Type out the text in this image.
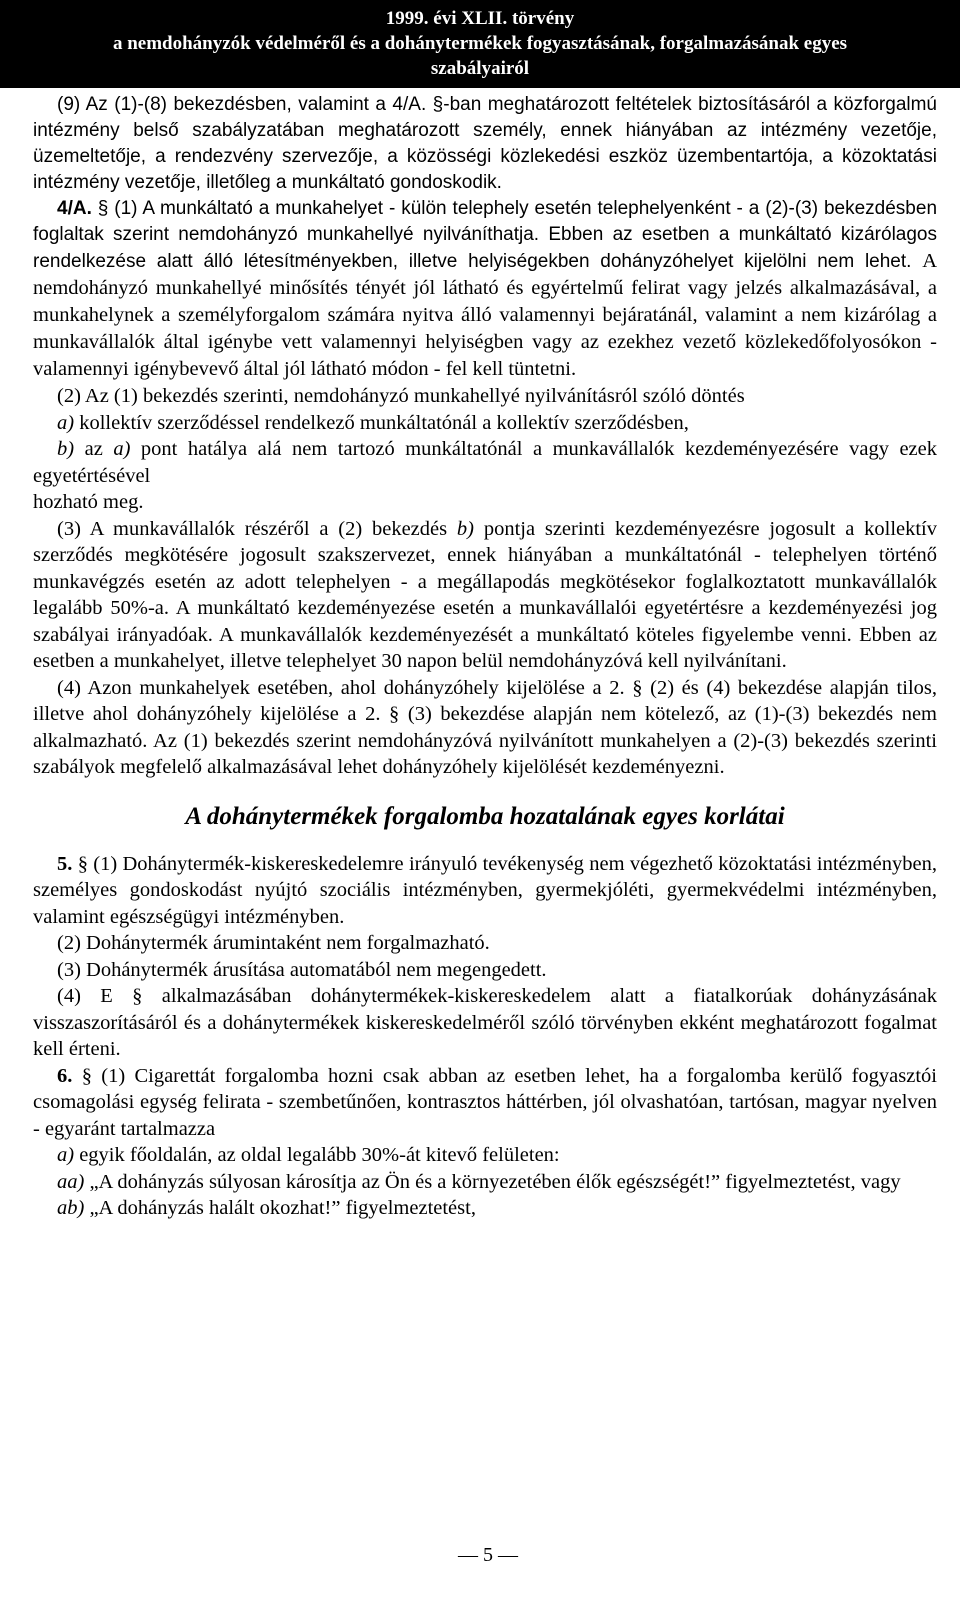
1999. évi XLII. törvény
a nemdohányzók védelméről és a dohánytermékek fogyasztásának, forgalmazásának egyes
szabályairól

(9) Az (1)-(8) bekezdésben, valamint a 4/A. §-ban meghatározott feltételek biztosításáról a közforgalmú intézmény belső szabályzatában meghatározott személy, ennek hiányában az intézmény vezetője, üzemeltetője, a rendezvény szervezője, a közösségi közlekedési eszköz üzembentartója, a közoktatási intézmény vezetője, illetőleg a munkáltató gondoskodik.

4/A. § (1) A munkáltató a munkahelyet - külön telephely esetén telephelyenként - a (2)-(3) bekezdésben foglaltak szerint nemdohányzó munkahellyé nyilváníthatja. Ebben az esetben a munkáltató kizárólagos rendelkezése alatt álló létesítményekben, illetve helyiségekben dohányzóhelyet kijelölni nem lehet. A nemdohányzó munkahellyé minősítés tényét jól látható és egyértelmű felirat vagy jelzés alkalmazásával, a munkahelynek a személyforgalom számára nyitva álló valamennyi bejáratánál, valamint a nem kizárólag a munkavállalók által igénybe vett valamennyi helyiségben vagy az ezekhez vezető közlekedőfolyosókon - valamennyi igénybevevő által jól látható módon - fel kell tüntetni.

(2) Az (1) bekezdés szerinti, nemdohányzó munkahellyé nyilvánításról szóló döntés

a) kollektív szerződéssel rendelkező munkáltatónál a kollektív szerződésben,

b) az a) pont hatálya alá nem tartozó munkáltatónál a munkavállalók kezdeményezésére vagy ezek egyetértésével

hozható meg.

(3) A munkavállalók részéről a (2) bekezdés b) pontja szerinti kezdeményezésre jogosult a kollektív szerződés megkötésére jogosult szakszervezet, ennek hiányában a munkáltatónál - telephelyen történő munkavégzés esetén az adott telephelyen - a megállapodás megkötésekor foglalkoztatott munkavállalók legalább 50%-a. A munkáltató kezdeményezése esetén a munkavállalói egyetértésre a kezdeményezési jog szabályai irányadóak. A munkavállalók kezdeményezését a munkáltató köteles figyelembe venni. Ebben az esetben a munkahelyet, illetve telephelyet 30 napon belül nemdohányzóvá kell nyilvánítani.

(4) Azon munkahelyek esetében, ahol dohányzóhely kijelölése a 2. § (2) és (4) bekezdése alapján tilos, illetve ahol dohányzóhely kijelölése a 2. § (3) bekezdése alapján nem kötelező, az (1)-(3) bekezdés nem alkalmazható. Az (1) bekezdés szerint nemdohányzóvá nyilvánított munkahelyen a (2)-(3) bekezdés szerinti szabályok megfelelő alkalmazásával lehet dohányzóhely kijelölését kezdeményezni.

A dohánytermékek forgalomba hozatalának egyes korlátai

5. § (1) Dohánytermék-kiskereskedelemre irányuló tevékenység nem végezhető közoktatási intézményben, személyes gondoskodást nyújtó szociális intézményben, gyermekjóléti, gyermekvédelmi intézményben, valamint egészségügyi intézményben.

(2) Dohánytermék áruminta​ként nem forgalmazható.

(3) Dohánytermék árusítása automatából nem megengedett.

(4) E § alkalmazásában dohánytermékek-kiskereskedelem alatt a fiatalkorúak dohányzásának visszaszorításáról és a dohánytermékek kiskereskedelméről szóló törvényben ekként meghatározott fogalmat kell érteni.

6. § (1) Cigarettát forgalomba hozni csak abban az esetben lehet, ha a forgalomba kerülő fogyasztói csomagolási egység felirata - szembetűnően, kontrasztos háttérben, jól olvashatóan, tartósan, magyar nyelven - egyaránt tartalmazza

a) egyik főoldalán, az oldal legalább 30%-át kitevő felületen:

aa) „A dohányzás súlyosan károsítja az Ön és a környezetében élők egészségét!” figyelmeztetést, vagy

ab) „A dohányzás halált okozhat!” figyelmeztetést,

— 5 —
